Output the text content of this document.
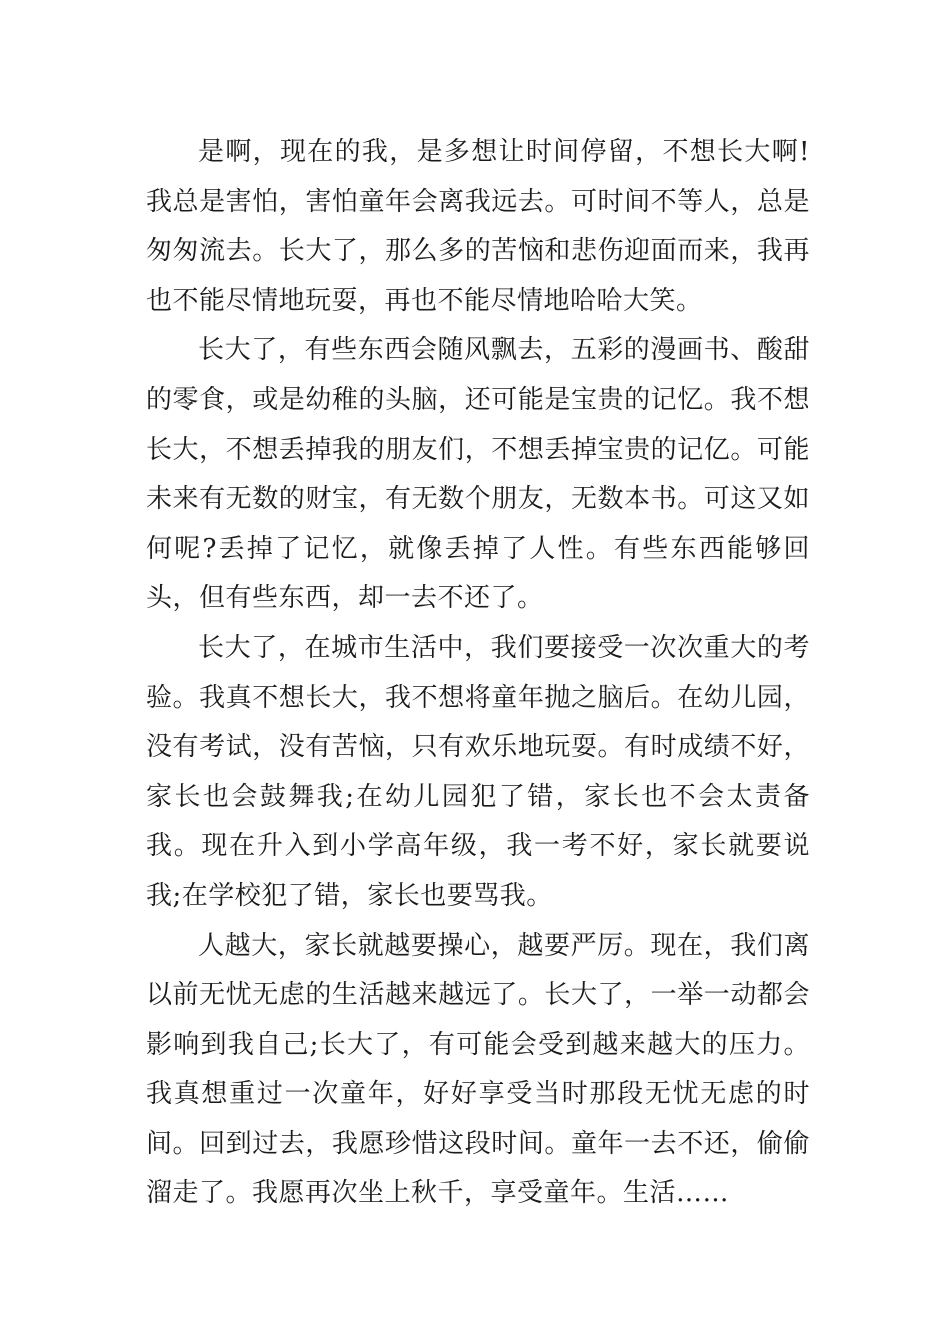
是啊，现在的我，是多想让时间停留，不想长大啊!我总是害怕，害怕童年会离我远去。可时间不等人，总是匆匆流去。长大了，那么多的苦恼和悲伤迎面而来，我再也不能尽情地玩耍，再也不能尽情地哈哈大笑。

长大了，有些东西会随风飘去，五彩的漫画书、酸甜的零食，或是幼稚的头脑，还可能是宝贵的记忆。我不想长大，不想丢掉我的朋友们，不想丢掉宝贵的记亿。可能未来有无数的财宝，有无数个朋友，无数本书。可这又如何呢?丢掉了记忆，就像丢掉了人性。有些东西能够回头，但有些东西，却一去不还了。

长大了，在城市生活中，我们要接受一次次重大的考验。我真不想长大，我不想将童年抛之脑后。在幼儿园，没有考试，没有苦恼，只有欢乐地玩耍。有时成绩不好，家长也会鼓舞我;在幼儿园犯了错，家长也不会太责备我。现在升入到小学高年级，我一考不好，家长就要说我;在学校犯了错，家长也要骂我。

人越大，家长就越要操心，越要严厉。现在，我们离以前无忧无虑的生活越来越远了。长大了，一举一动都会影响到我自己;长大了，有可能会受到越来越大的压力。我真想重过一次童年，好好享受当时那段无忧无虑的时间。回到过去，我愿珍惜这段时间。童年一去不还，偷偷溜走了。我愿再次坐上秋千，享受童年。生活……
